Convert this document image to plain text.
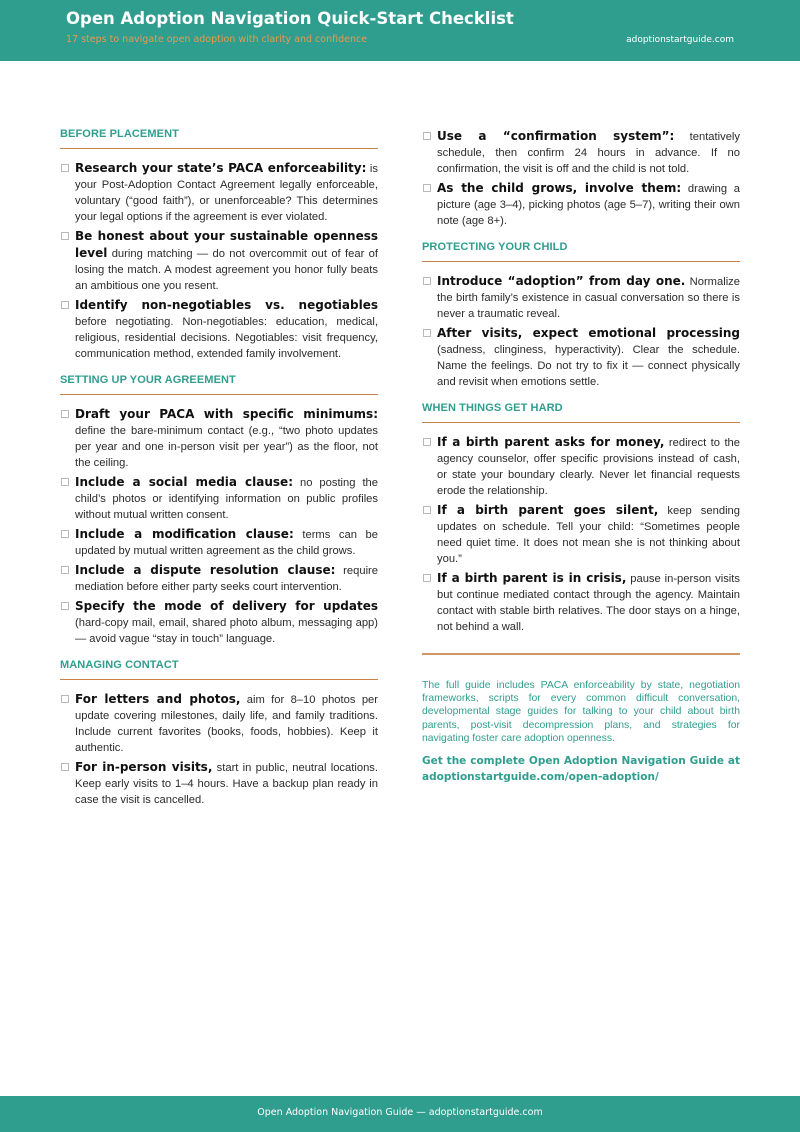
Open Adoption Navigation Quick-Start Checklist
17 steps to navigate open adoption with clarity and confidence	adoptionstartguide.com
BEFORE PLACEMENT
Research your state’s PACA enforceability: is your Post-Adoption Contact Agreement legally enforceable, voluntary (“good faith”), or unenforceable? This determines your legal options if the agreement is ever violated.
Be honest about your sustainable openness level during matching — do not overcommit out of fear of losing the match. A modest agreement you honor fully beats an ambitious one you resent.
Identify non-negotiables vs. negotiables before negotiating. Non-negotiables: education, medical, religious, residential decisions. Negotiables: visit frequency, communication method, extended family involvement.
SETTING UP YOUR AGREEMENT
Draft your PACA with specific minimums: define the bare-minimum contact (e.g., “two photo updates per year and one in-person visit per year”) as the floor, not the ceiling.
Include a social media clause: no posting the child’s photos or identifying information on public profiles without mutual written consent.
Include a modification clause: terms can be updated by mutual written agreement as the child grows.
Include a dispute resolution clause: require mediation before either party seeks court intervention.
Specify the mode of delivery for updates (hard-copy mail, email, shared photo album, messaging app) — avoid vague “stay in touch” language.
MANAGING CONTACT
For letters and photos, aim for 8–10 photos per update covering milestones, daily life, and family traditions. Include current favorites (books, foods, hobbies). Keep it authentic.
For in-person visits, start in public, neutral locations. Keep early visits to 1–4 hours. Have a backup plan ready in case the visit is cancelled.
Use a “confirmation system”: tentatively schedule, then confirm 24 hours in advance. If no confirmation, the visit is off and the child is not told.
As the child grows, involve them: drawing a picture (age 3–4), picking photos (age 5–7), writing their own note (age 8+).
PROTECTING YOUR CHILD
Introduce “adoption” from day one. Normalize the birth family’s existence in casual conversation so there is never a traumatic reveal.
After visits, expect emotional processing (sadness, clinginess, hyperactivity). Clear the schedule. Name the feelings. Do not try to fix it — connect physically and revisit when emotions settle.
WHEN THINGS GET HARD
If a birth parent asks for money, redirect to the agency counselor, offer specific provisions instead of cash, or state your boundary clearly. Never let financial requests erode the relationship.
If a birth parent goes silent, keep sending updates on schedule. Tell your child: “Sometimes people need quiet time. It does not mean she is not thinking about you.”
If a birth parent is in crisis, pause in-person visits but continue mediated contact through the agency. Maintain contact with stable birth relatives. The door stays on a hinge, not behind a wall.
The full guide includes PACA enforceability by state, negotiation frameworks, scripts for every common difficult conversation, developmental stage guides for talking to your child about birth parents, post-visit decompression plans, and strategies for navigating foster care adoption openness.
Get the complete Open Adoption Navigation Guide at adoptionstartguide.com/open-adoption/
Open Adoption Navigation Guide — adoptionstartguide.com
